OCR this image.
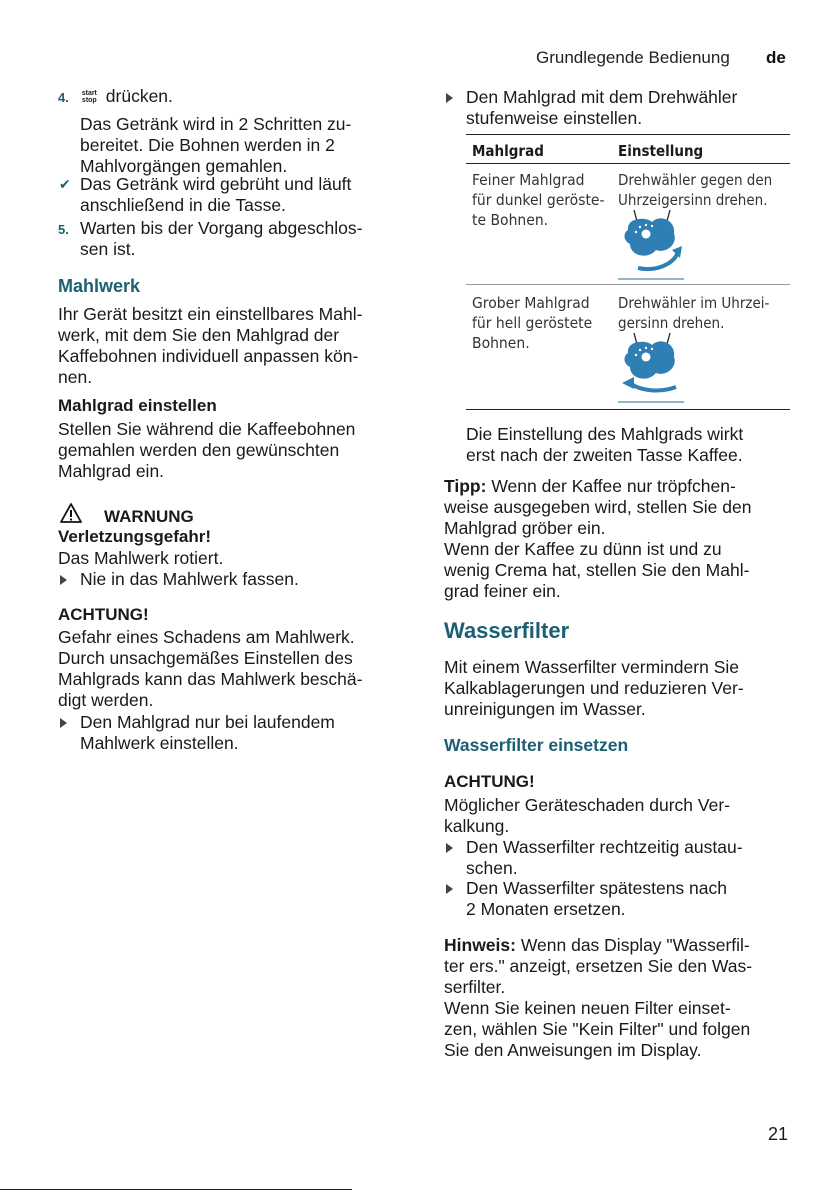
Grundlegende Bedienung de
4. start
stop drücken.
Das Getränk wird in 2 Schritten zu-
bereitet. Die Bohnen werden in 2
Mahlvorgängen gemahlen.
✔ Das Getränk wird gebrüht und läuft
anschließend in die Tasse.
5. Warten bis der Vorgang abgeschlos-
sen ist.
Mahlwerk
Ihr Gerät besitzt ein einstellbares Mahl-
werk, mit dem Sie den Mahlgrad der
Kaffebohnen individuell anpassen kön-
nen.
Mahlgrad einstellen
Stellen Sie während die Kaffeebohnen
gemahlen werden den gewünschten
Mahlgrad ein.
WARNUNG
Verletzungsgefahr!
Das Mahlwerk rotiert.
Nie in das Mahlwerk fassen.
ACHTUNG!
Gefahr eines Schadens am Mahlwerk.
Durch unsachgemäßes Einstellen des
Mahlgrads kann das Mahlwerk beschä-
digt werden.
Den Mahlgrad nur bei laufendem
Mahlwerk einstellen.
Den Mahlgrad mit dem Drehwähler
stufenweise einstellen.
Mahlgrad	Einstellung
Feiner Mahlgrad
für dunkel geröste-
te Bohnen.
Drehwähler gegen den
Uhrzeigersinn drehen.
Grober Mahlgrad
für hell geröstete
Bohnen.
Drehwähler im Uhrzei-
gersinn drehen.
Die Einstellung des Mahlgrads wirkt
erst nach der zweiten Tasse Kaffee.
Tipp: Wenn der Kaffee nur tröpfchen-
weise ausgegeben wird, stellen Sie den
Mahlgrad gröber ein.
Wenn der Kaffee zu dünn ist und zu
wenig Crema hat, stellen Sie den Mahl-
grad feiner ein.
Wasserfilter
Mit einem Wasserfilter vermindern Sie
Kalkablagerungen und reduzieren Ver-
unreinigungen im Wasser.
Wasserfilter einsetzen
ACHTUNG!
Möglicher Geräteschaden durch Ver-
kalkung.
Den Wasserfilter rechtzeitig austau-
schen.
Den Wasserfilter spätestens nach
2 Monaten ersetzen.
Hinweis: Wenn das Display "Wasserfil-
ter ers." anzeigt, ersetzen Sie den Was-
serfilter.
Wenn Sie keinen neuen Filter einset-
zen, wählen Sie "Kein Filter" und folgen
Sie den Anweisungen im Display.
21
